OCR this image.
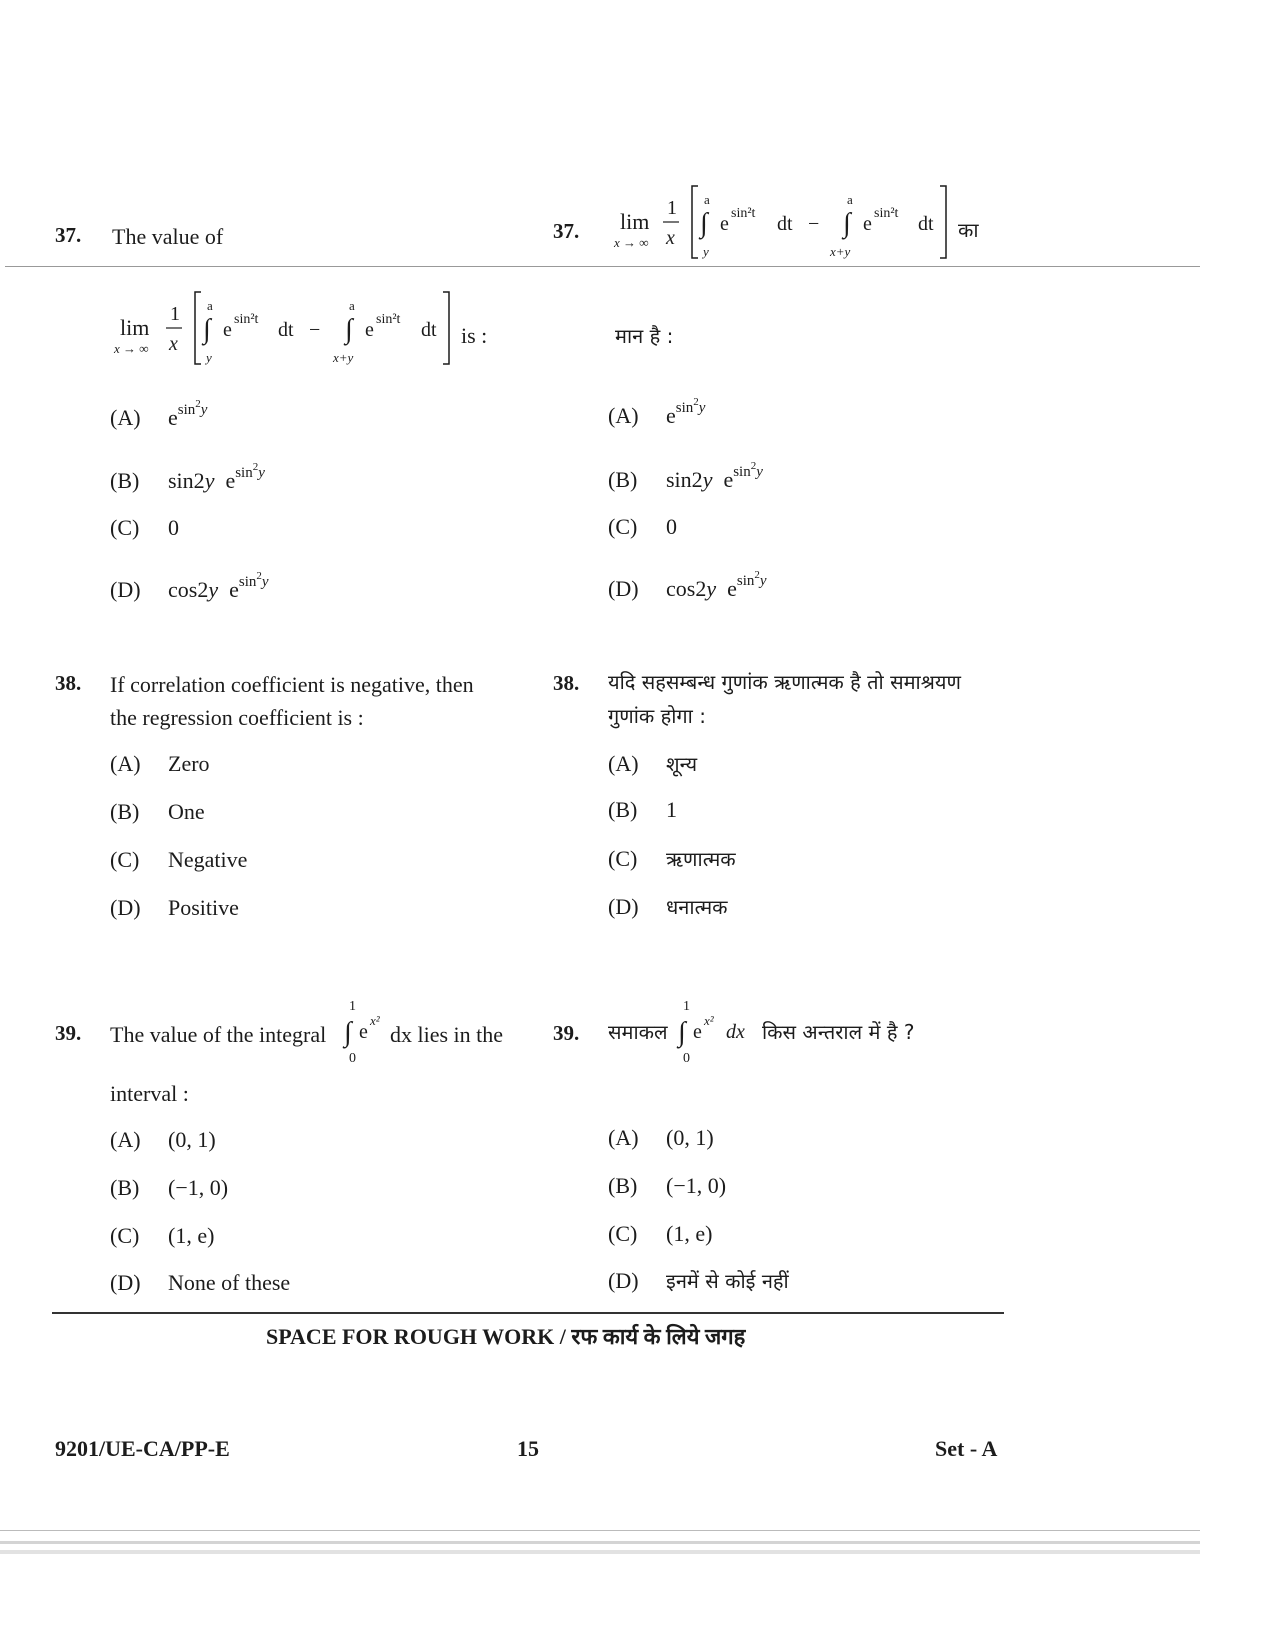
37. The value of	37. lim
x → ∞
1
x
a
∫
y
e sin²t dt −
a
∫
x+y
e sin²t dt का
lim
x → ∞
1
x
a
∫
y
e sin²t dt −
a
∫
x+y
e sin²t dt is :	मान है :
(A) $e^{sin^2y}$
(B) sin2y  $e^{sin^2y}$
(C) 0
(D) cos2y  $e^{sin^2y}$
(A) $e^{sin^2y}$
(B) sin2y  $e^{sin^2y}$
(C) 0
(D) cos2y  $e^{sin^2y}$
38. If correlation coefficient is negative, then
the regression coefficient is :
38. यदि सहसम्बन्ध गुणांक ऋणात्मक है तो समाश्रयण
गुणांक होगा :
(A) Zero
(B) One
(C) Negative
(D) Positive
(A) शून्य
(B) 1
(C) ऋणात्मक
(D) धनात्मक
39. The value of the integral
1
∫
0
e
x²
dx lies in the
interval :
39. समाकल
1
∫
0
e
x²
dx किस अन्तराल में है ?
(A) (0, 1)
(B) (−1, 0)
(C) (1, e)
(D) None of these
(A) (0, 1)
(B) (−1, 0)
(C) (1, e)
(D) इनमें से कोई नहीं
SPACE FOR ROUGH WORK / रफ कार्य के लिये जगह
9201/UE-CA/PP-E	15	Set - A
